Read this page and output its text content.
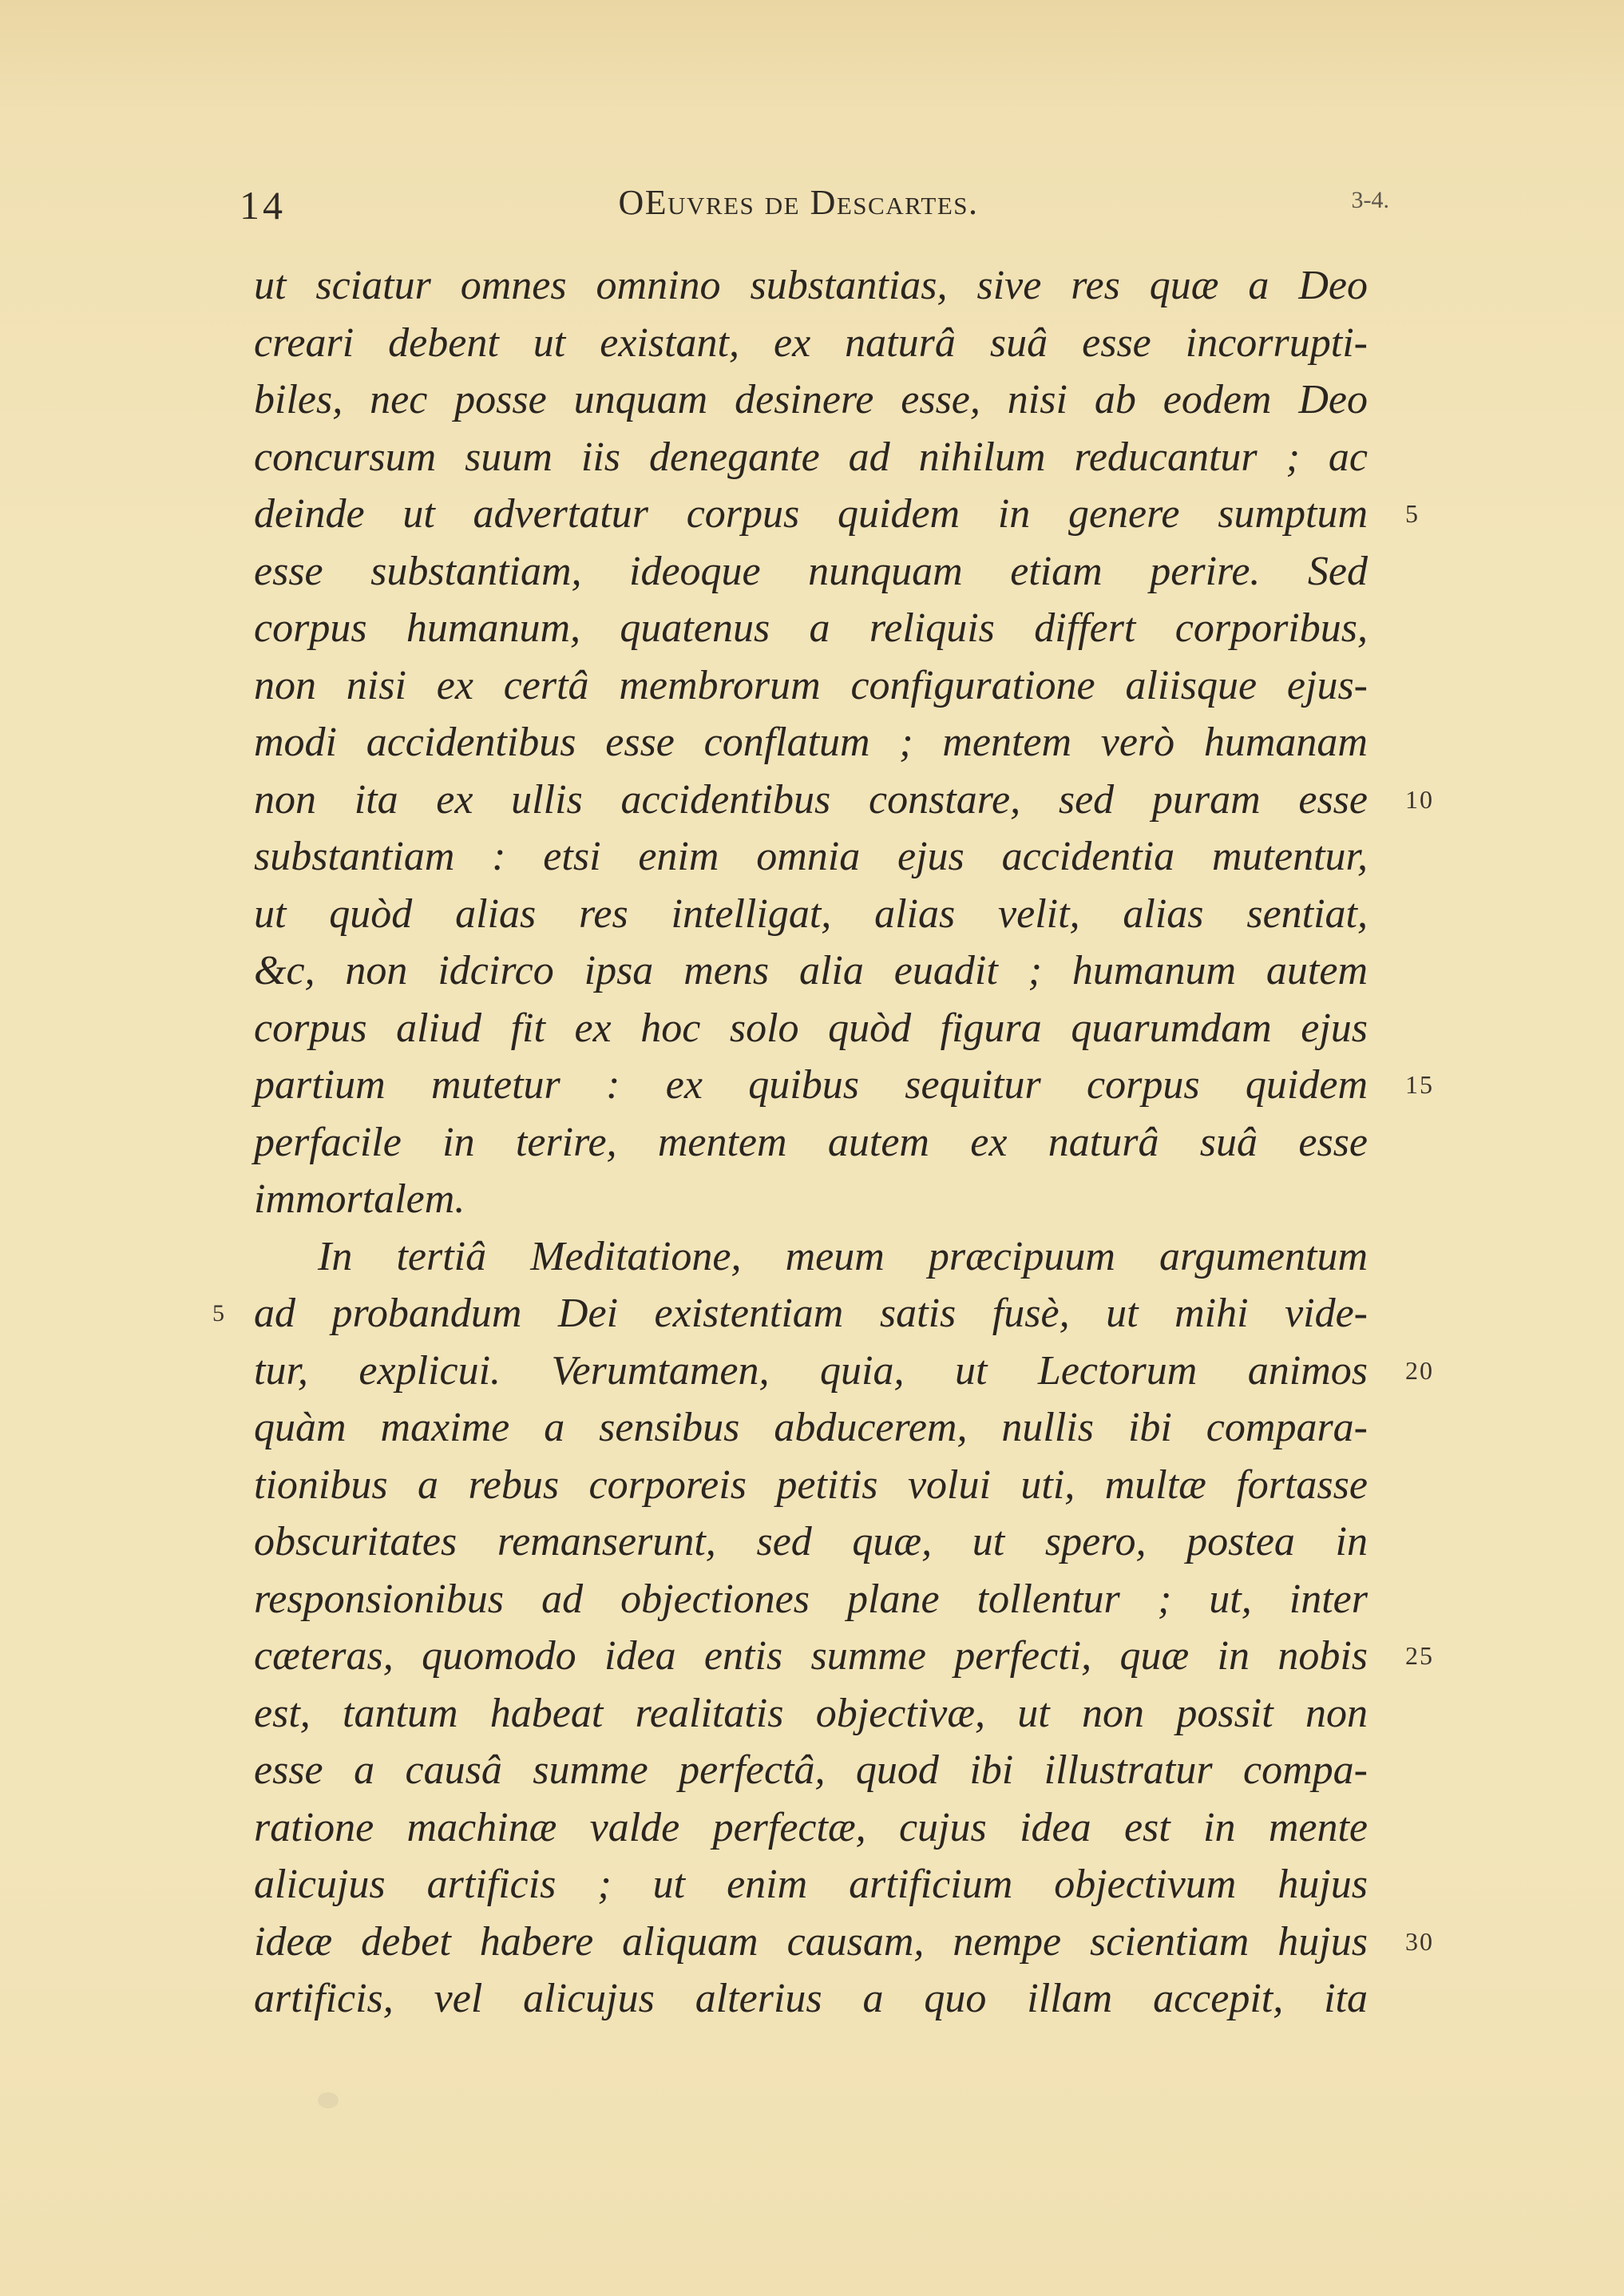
14	OEuvres de Descartes.	3-4.
ut sciatur omnes omnino substantias, sive res quæ a Deo
creari debent ut existant, ex naturâ suâ esse incorrupti-
biles, nec posse unquam desinere esse, nisi ab eodem Deo
concursum suum iis denegante ad nihilum reducantur ; ac
deinde ut advertatur corpus quidem in genere sumptum 5
esse substantiam, ideoque nunquam etiam perire. Sed
corpus humanum, quatenus a reliquis differt corporibus,
non nisi ex certâ membrorum configuratione aliisque ejus-
modi accidentibus esse conflatum ; mentem verò humanam
non ita ex ullis accidentibus constare, sed puram esse 10
substantiam : etsi enim omnia ejus accidentia mutentur,
ut quòd alias res intelligat, alias velit, alias sentiat,
&c, non idcirco ipsa mens alia euadit ; humanum autem
corpus aliud fit ex hoc solo quòd figura quarumdam ejus
partium mutetur : ex quibus sequitur corpus quidem 15
perfacile in terire, mentem autem ex naturâ suâ esse
immortalem.
In tertiâ Meditatione, meum præcipuum argumentum
ad probandum Dei existentiam satis fusè, ut mihi vide-
5
tur, explicui. Verumtamen, quia, ut Lectorum animos 20
quàm maxime a sensibus abducerem, nullis ibi compara-
tionibus a rebus corporeis petitis volui uti, multæ fortasse
obscuritates remanserunt, sed quæ, ut spero, postea in
responsionibus ad objectiones plane tollentur ; ut, inter
cæteras, quomodo idea entis summe perfecti, quæ in nobis 25
est, tantum habeat realitatis objectivæ, ut non possit non
esse a causâ summe perfectâ, quod ibi illustratur compa-
ratione machinæ valde perfectæ, cujus idea est in mente
alicujus artificis ; ut enim artificium objectivum hujus
ideæ debet habere aliquam causam, nempe scientiam hujus 30
artificis, vel alicujus alterius a quo illam accepit, ita
